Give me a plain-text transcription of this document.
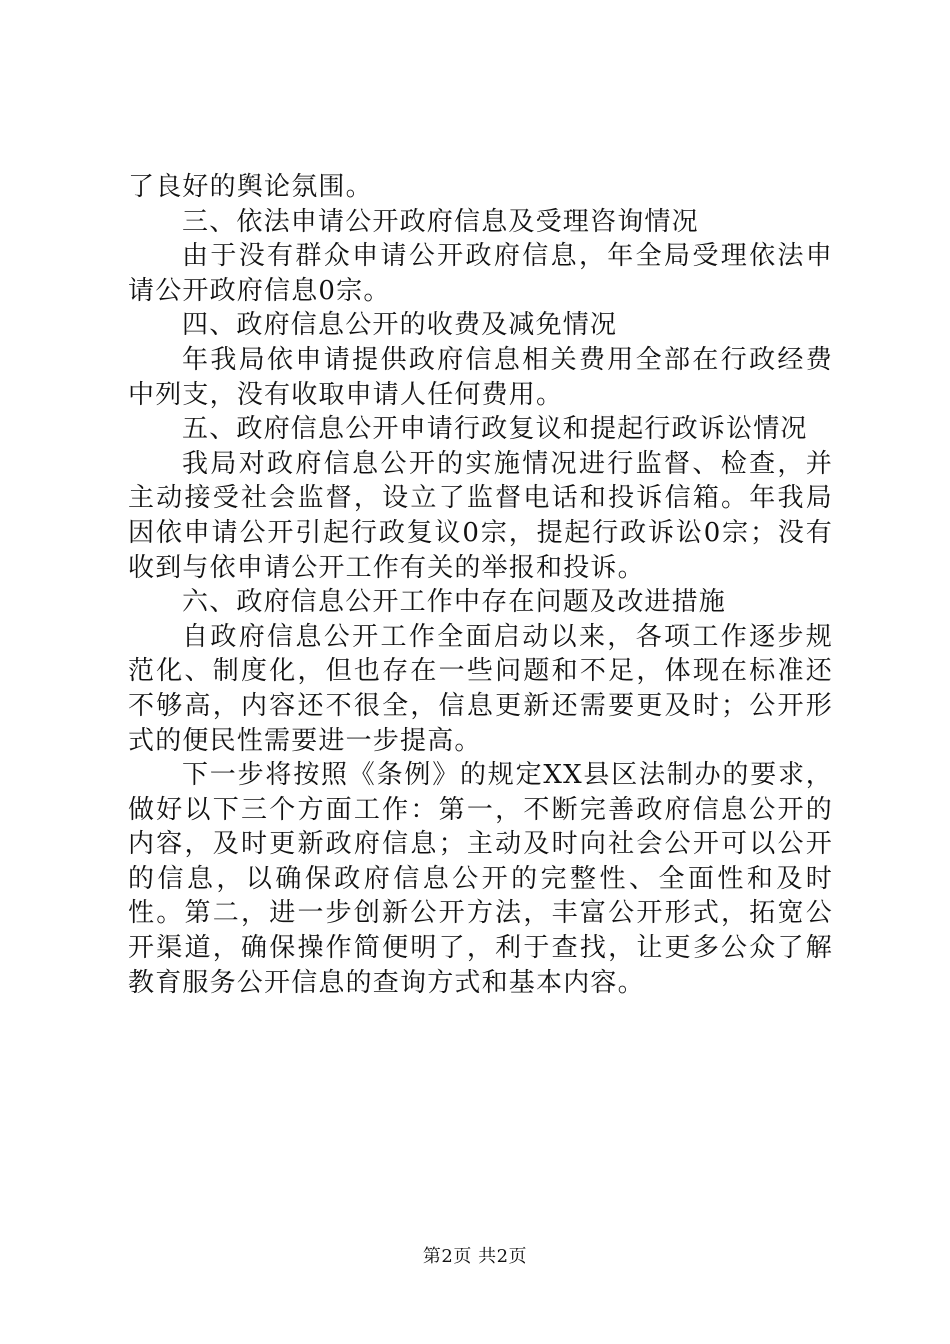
了良好的舆论氛围。

三、依法申请公开政府信息及受理咨询情况

由于没有群众申请公开政府信息，年全局受理依法申请公开政府信息0宗。

四、政府信息公开的收费及减免情况

年我局依申请提供政府信息相关费用全部在行政经费中列支，没有收取申请人任何费用。

五、政府信息公开申请行政复议和提起行政诉讼情况

我局对政府信息公开的实施情况进行监督、检查，并主动接受社会监督，设立了监督电话和投诉信箱。年我局因依申请公开引起行政复议0宗，提起行政诉讼0宗；没有收到与依申请公开工作有关的举报和投诉。

六、政府信息公开工作中存在问题及改进措施

自政府信息公开工作全面启动以来，各项工作逐步规范化、制度化，但也存在一些问题和不足，体现在标准还不够高，内容还不很全，信息更新还需要更及时；公开形式的便民性需要进一步提高。

下一步将按照《条例》的规定XX县区法制办的要求，做好以下三个方面工作：第一，不断完善政府信息公开的内容，及时更新政府信息；主动及时向社会公开可以公开的信息，以确保政府信息公开的完整性、全面性和及时性。第二，进一步创新公开方法，丰富公开形式，拓宽公开渠道，确保操作简便明了，利于查找，让更多公众了解教育服务公开信息的查询方式和基本内容。

第2页 共2页
